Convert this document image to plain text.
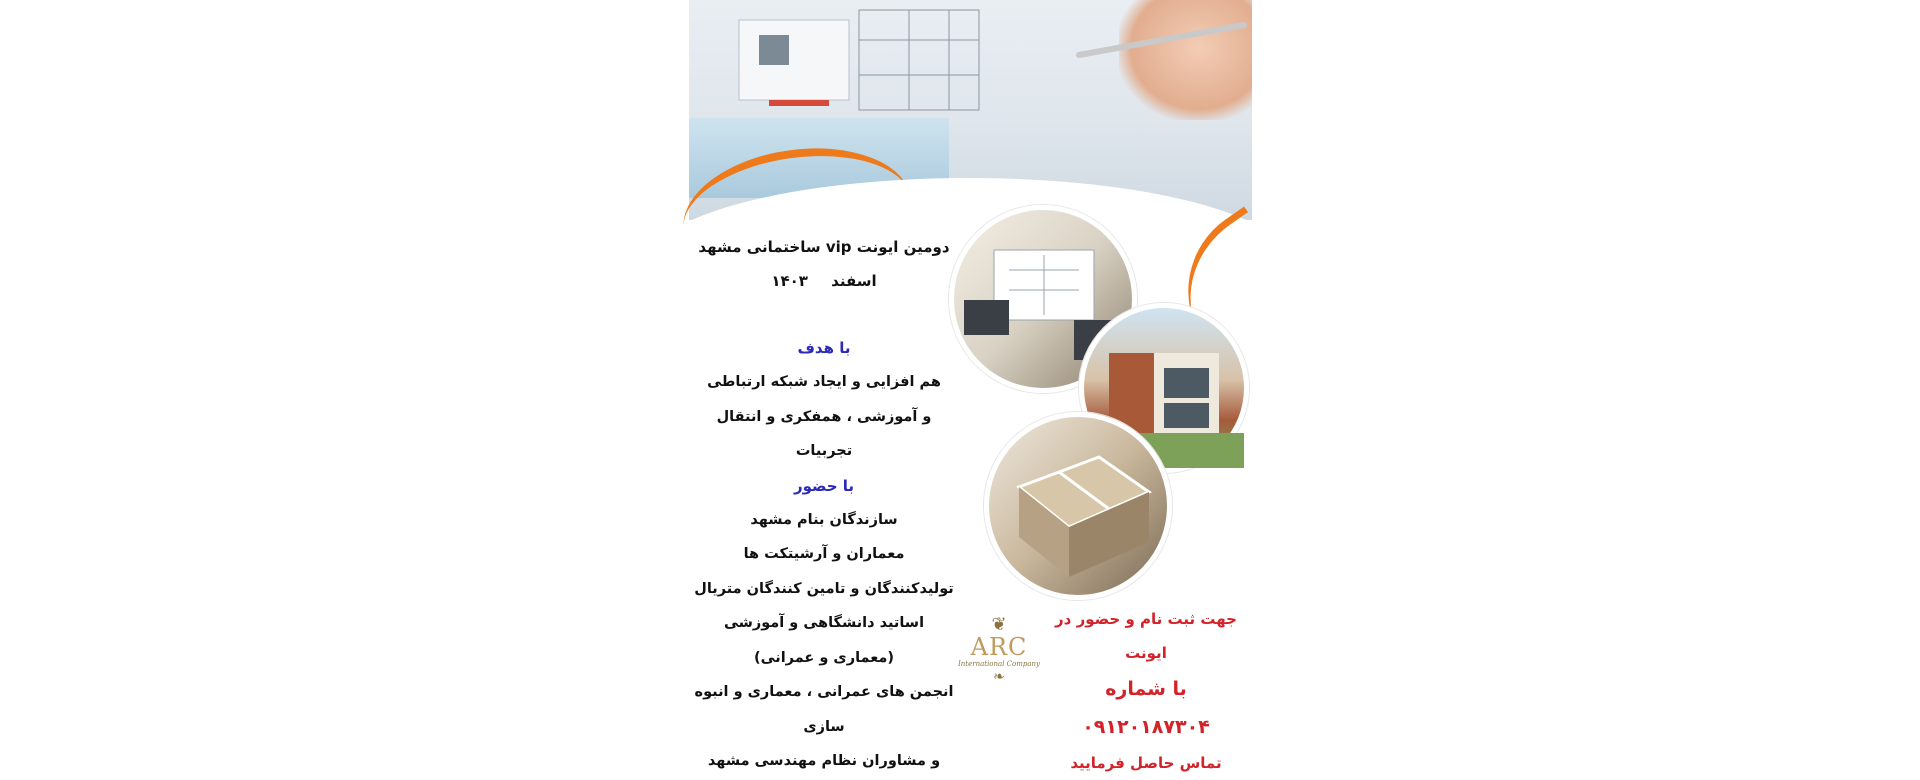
دومین ایونت vip ساختمانی مشهد
اسفند ۱۴۰۳
با هدف
هم افزایی و ایجاد شبکه ارتباطی
و آموزشی ، همفکری و انتقال تجربیات
با حضور
سازندگان بنام مشهد
معماران و آرشیتکت ها
تولیدکنندگان و تامین کنندگان متریال
اساتید دانشگاهی و آموزشی
(معماری و عمرانی)
انجمن های عمرانی ، معماری و انبوه سازی
و مشاوران نظام مهندسی مشهد
❦
ARC
International Company
❧
جهت ثبت نام و حضور در ایونت
با شماره ۰۹۱۲۰۱۸۷۳۰۴
تماس حاصل فرمایید
